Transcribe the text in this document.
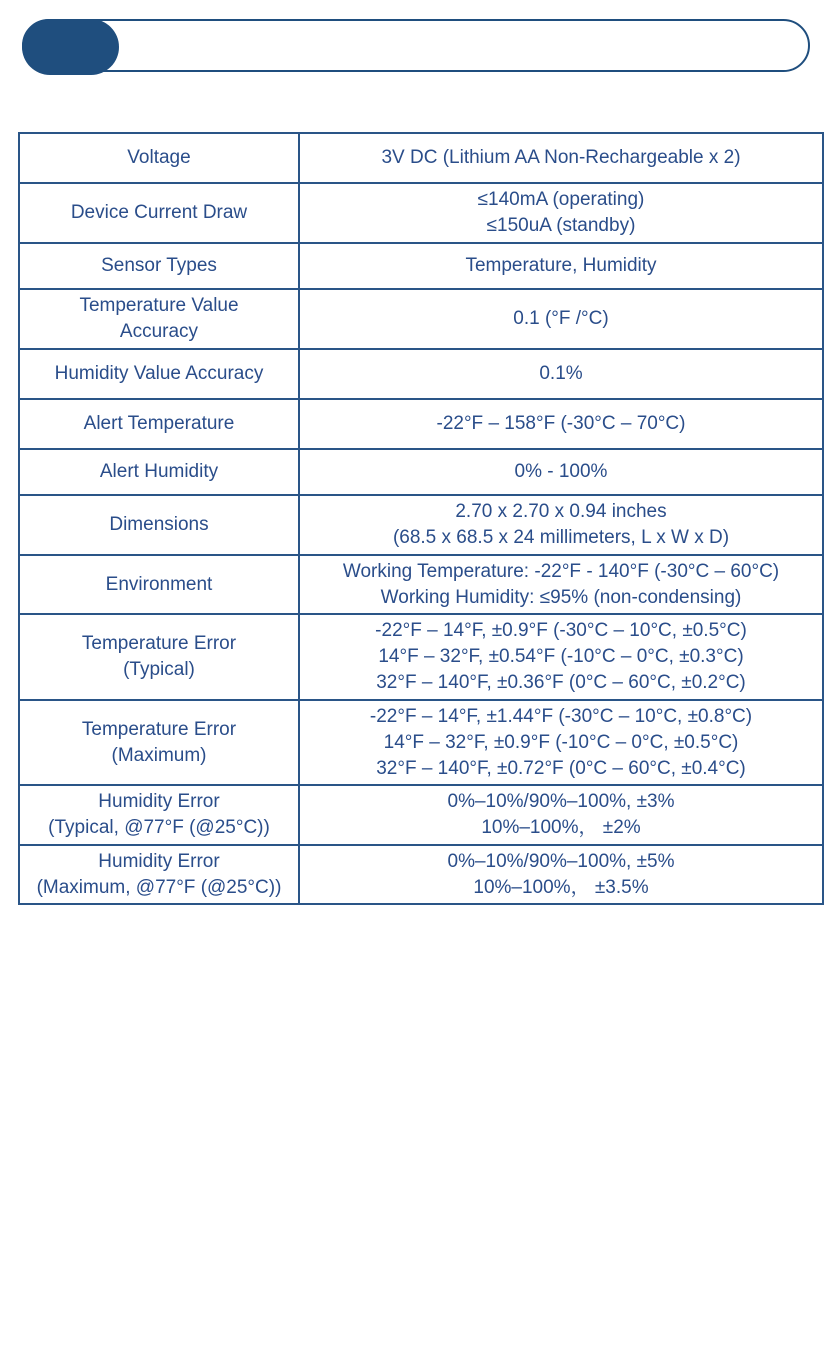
Voltage	3V DC (Lithium AA Non-Rechargeable x 2)
Device Current Draw	≤140mA (operating)
≤150uA (standby)
Sensor Types	Temperature, Humidity
Temperature Value
Accuracy	0.1 (°F /°C)
Humidity Value Accuracy	0.1%
Alert Temperature	-22°F – 158°F (-30°C – 70°C)
Alert Humidity	0% - 100%
Dimensions	2.70 x 2.70 x 0.94 inches
(68.5 x 68.5 x 24 millimeters, L x W x D)
Environment	Working Temperature: -22°F - 140°F (-30°C – 60°C)
Working Humidity: ≤95% (non-condensing)
Temperature Error
(Typical)	-22°F – 14°F, ±0.9°F (-30°C – 10°C, ±0.5°C)
14°F – 32°F, ±0.54°F (-10°C – 0°C, ±0.3°C)
32°F – 140°F, ±0.36°F (0°C – 60°C, ±0.2°C)
Temperature Error
(Maximum)	-22°F – 14°F, ±1.44°F (-30°C – 10°C, ±0.8°C)
14°F – 32°F, ±0.9°F (-10°C – 0°C, ±0.5°C)
32°F – 140°F, ±0.72°F (0°C – 60°C, ±0.4°C)
Humidity Error
(Typical, @77°F (@25°C))	0%–10%/90%–100%, ±3%
10%–100%， ±2%
Humidity Error
(Maximum, @77°F (@25°C))	0%–10%/90%–100%, ±5%
10%–100%， ±3.5%
